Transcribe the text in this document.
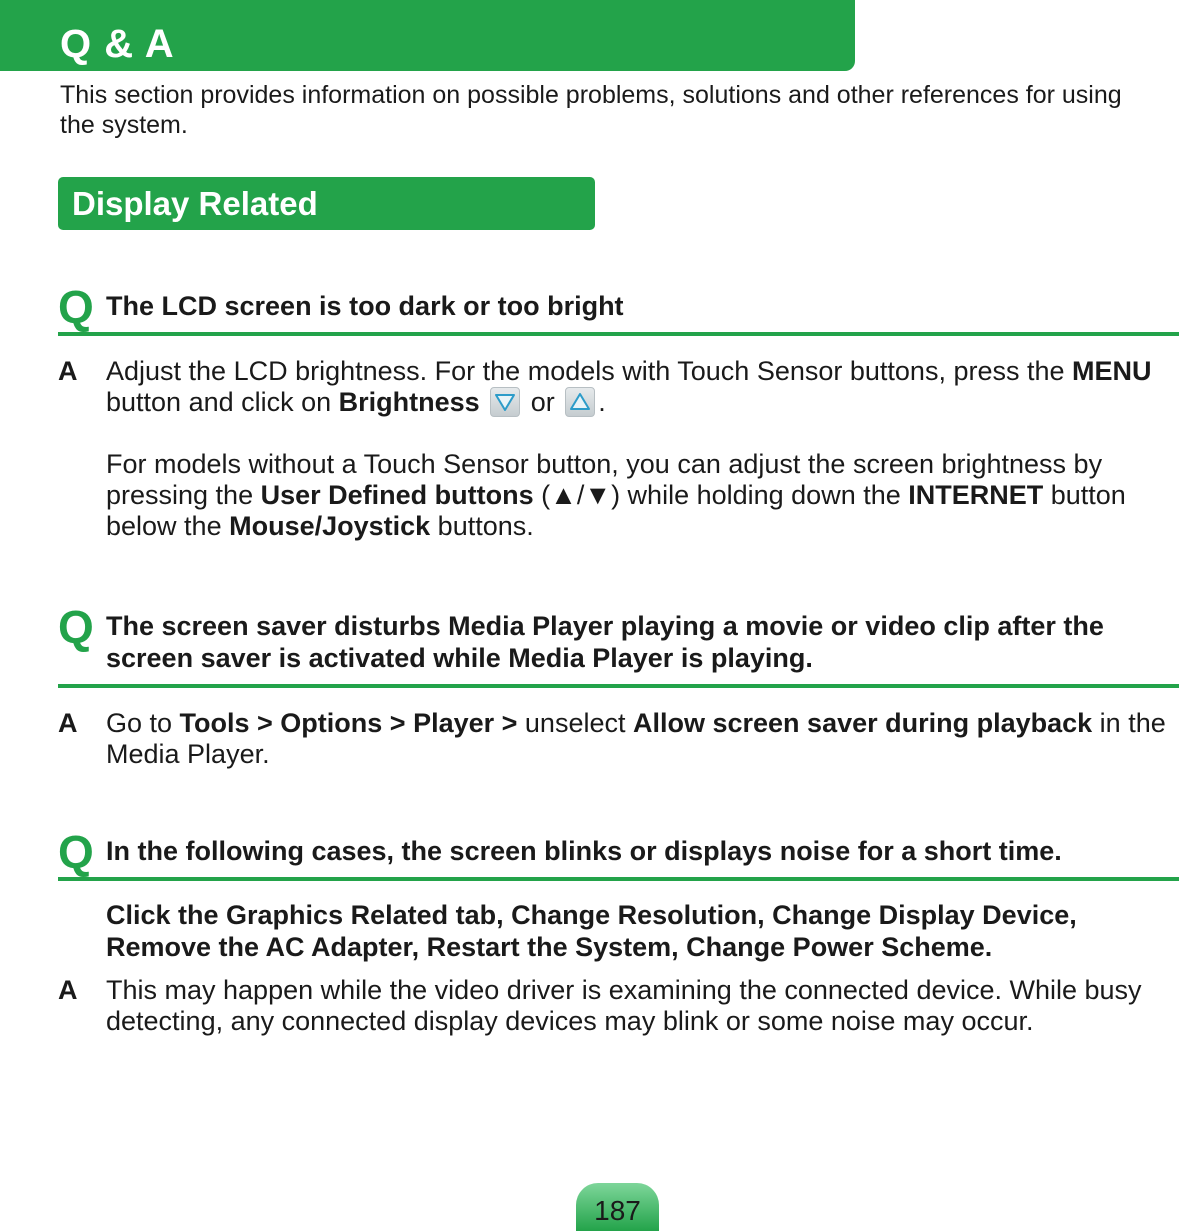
Q & A

This section provides information on possible problems, solutions and other references for using the system.

Display Related
Q The LCD screen is too dark or too bright

A Adjust the LCD brightness. For the models with Touch Sensor buttons, press the MENU button and click on Brightness
or
.

For models without a Touch Sensor button, you can adjust the screen brightness by pressing the User Defined buttons (▲/▼) while holding down the INTERNET button below the Mouse/Joystick buttons.

Q The screen saver disturbs Media Player playing a movie or video clip after the screen saver is activated while Media Player is playing.

A Go to Tools > Options > Player > unselect Allow screen saver during playback in the Media Player.

Q In the following cases, the screen blinks or displays noise for a short time.

Click the Graphics Related tab, Change Resolution, Change Display Device, Remove the AC Adapter, Restart the System, Change Power Scheme.

A This may happen while the video driver is examining the connected device. While busy detecting, any connected display devices may blink or some noise may occur.

187
